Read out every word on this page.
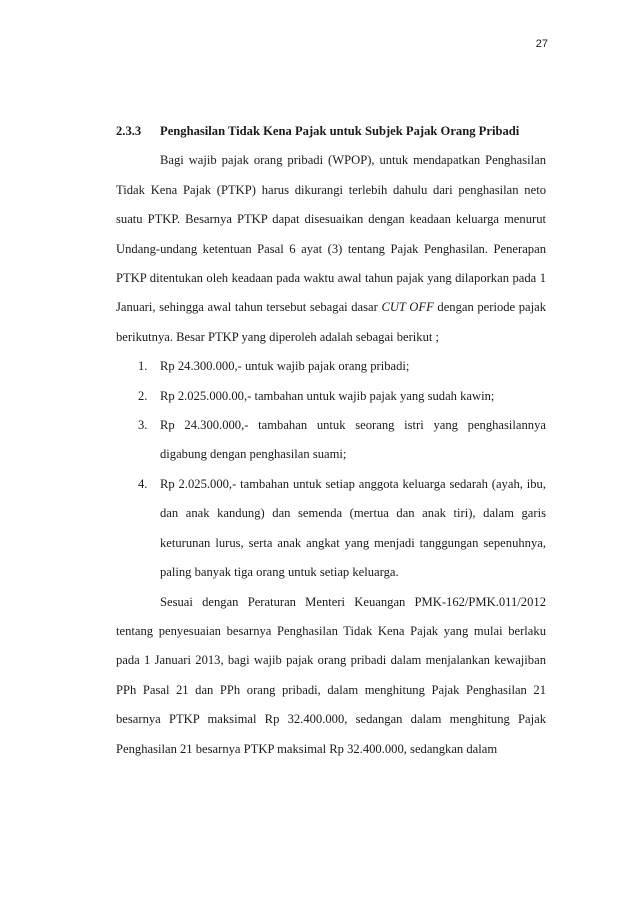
27
2.3.3	Penghasilan Tidak Kena Pajak untuk Subjek Pajak Orang Pribadi

Bagi wajib pajak orang pribadi (WPOP), untuk mendapatkan Penghasilan Tidak Kena Pajak (PTKP) harus dikurangi terlebih dahulu dari penghasilan neto suatu PTKP. Besarnya PTKP dapat disesuaikan dengan keadaan keluarga menurut Undang-undang ketentuan Pasal 6 ayat (3) tentang Pajak Penghasilan. Penerapan PTKP ditentukan oleh keadaan pada waktu awal tahun pajak yang dilaporkan pada 1 Januari, sehingga awal tahun tersebut sebagai dasar CUT OFF dengan periode pajak berikutnya. Besar PTKP yang diperoleh adalah sebagai berikut ;

1. Rp 24.300.000,- untuk wajib pajak orang pribadi;
2. Rp 2.025.000.00,- tambahan untuk wajib pajak yang sudah kawin;
3. Rp 24.300.000,- tambahan untuk seorang istri yang penghasilannya digabung dengan penghasilan suami;
4. Rp 2.025.000,- tambahan untuk setiap anggota keluarga sedarah (ayah, ibu, dan anak kandung) dan semenda (mertua dan anak tiri), dalam garis keturunan lurus, serta anak angkat yang menjadi tanggungan sepenuhnya, paling banyak tiga orang untuk setiap keluarga.

Sesuai dengan Peraturan Menteri Keuangan PMK-162/PMK.011/2012 tentang penyesuaian besarnya Penghasilan Tidak Kena Pajak yang mulai berlaku pada 1 Januari 2013, bagi wajib pajak orang pribadi dalam menjalankan kewajiban PPh Pasal 21 dan PPh orang pribadi, dalam menghitung Pajak Penghasilan 21 besarnya PTKP maksimal Rp 32.400.000, sedangan dalam menghitung Pajak Penghasilan 21 besarnya PTKP maksimal Rp 32.400.000, sedangkan dalam
